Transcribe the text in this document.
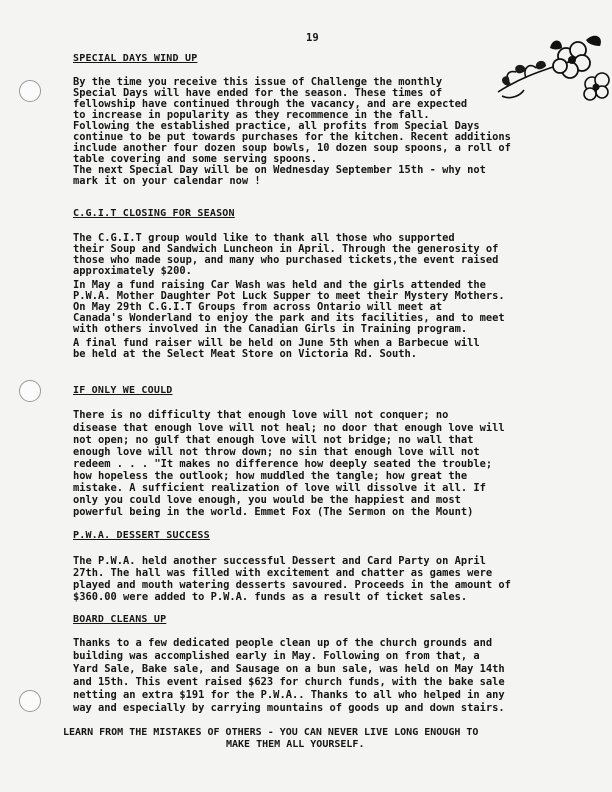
19
SPECIAL DAYS WIND UP
By the time you receive this issue of Challenge the monthly
Special Days will have ended for the season. These times of
fellowship have continued through the vacancy, and are expected
to increase in popularity as they recommence in the fall.
Following the established practice, all profits from Special Days
continue to be put towards purchases for the kitchen. Recent additions
include another four dozen soup bowls, 10 dozen soup spoons, a roll of
table covering and some serving spoons.
The next Special Day will be on Wednesday September 15th - why not
mark it on your calendar now !
C.G.I.T CLOSING FOR SEASON
The C.G.I.T group would like to thank all those who supported
their Soup and Sandwich Luncheon in April. Through the generosity of
those who made soup, and many who purchased tickets,the event raised
approximately $200.
In May a fund raising Car Wash was held and the girls attended the
P.W.A. Mother Daughter Pot Luck Supper to meet their Mystery Mothers.
On May 29th C.G.I.T Groups from across Ontario will meet at
Canada's Wonderland to enjoy the park and its facilities, and to meet
with others involved in the Canadian Girls in Training program.
A final fund raiser will be held on June 5th when a Barbecue will
be held at the Select Meat Store on Victoria Rd. South.
IF ONLY WE COULD
There is no difficulty that enough love will not conquer; no
disease that enough love will not heal; no door that enough love will
not open; no gulf that enough love will not bridge; no wall that
enough love will not throw down; no sin that enough love will not
redeem . . . "It makes no difference how deeply seated the trouble;
how hopeless the outlook; how muddled the tangle; how great the
mistake. A sufficient realization of love will dissolve it all. If
only you could love enough, you would be the happiest and most
powerful being in the world. Emmet Fox (The Sermon on the Mount)
P.W.A. DESSERT SUCCESS
The P.W.A. held another successful Dessert and Card Party on April
27th. The hall was filled with excitement and chatter as games were
played and mouth watering desserts savoured. Proceeds in the amount of
$360.00 were added to P.W.A. funds as a result of ticket sales.
BOARD CLEANS UP
Thanks to a few dedicated people clean up of the church grounds and
building was accomplished early in May. Following on from that, a
Yard Sale, Bake sale, and Sausage on a bun sale, was held on May 14th
and 15th. This event raised $623 for church funds, with the bake sale
netting an extra $191 for the P.W.A.. Thanks to all who helped in any
way and especially by carrying mountains of goods up and down stairs.
LEARN FROM THE MISTAKES OF OTHERS - YOU CAN NEVER LIVE LONG ENOUGH TO
MAKE THEM ALL YOURSELF.
